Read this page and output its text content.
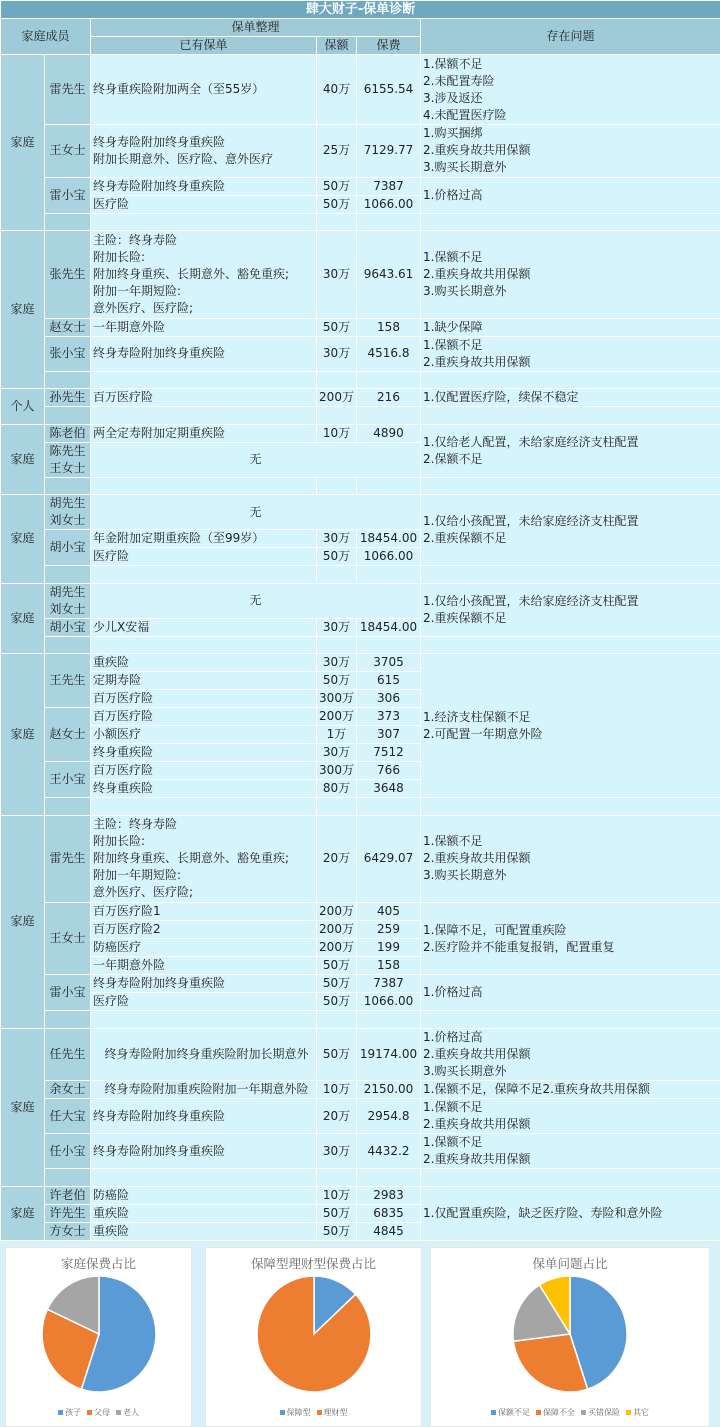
肆大财子-保单诊断					
家庭成员		保单整理			存在问题
		已有保单	保额	保费	
家庭	雷先生	终身重疾险附加两全（至55岁）	40万	6155.54	1.保额不足
2.未配置寿险
3.涉及返还
4.未配置医疗险

	王女士	终身寿险附加终身重疾险
附加长期意外、医疗险、意外医疗	25万	7129.77	1.购买捆绑
2.重疾身故共用保额
3.购买长期意外

	雷小宝	终身寿险附加终身重疾险	50万	7387	1.价格过高
		医疗险	50万	1066.00	

家庭	张先生	主险：终身寿险
附加长险:
附加终身重疾、长期意外、豁免重疾;
附加一年期短险:
意外医疗、医疗险;	30万	9643.61	1.保额不足
2.重疾身故共用保额
3.购买长期意外

	赵女士	一年期意外险	50万	158	1.缺少保障
	张小宝	终身寿险附加终身重疾险	30万	4516.8	1.保额不足
2.重疾身故共用保额

个人	孙先生	百万医疗险	200万	216	1.仅配置医疗险，续保不稳定

家庭	陈老伯	两全定寿附加定期重疾险	10万	4890	1.仅给老人配置，未给家庭经济支柱配置
2.保额不足
	陈先生
王女士	无			

家庭	胡先生
刘女士	无			1.仅给小孩配置，未给家庭经济支柱配置
2.重疾保额不足

	胡小宝	年金附加定期重疾险（至99岁）	30万	18454.00	
		医疗险	50万	1066.00	

家庭	胡先生
刘女士	无			1.仅给小孩配置，未给家庭经济支柱配置
2.重疾保额不足

	胡小宝	少儿X安福	30万	18454.00	

家庭	王先生	重疾险	30万	3705	1.经济支柱保额不足
2.可配置一年期意外险
		定期寿险	50万	615	
		百万医疗险	300万	306	
	赵女士	百万医疗险	200万	373	
		小额医疗	1万	307	
		终身重疾险	30万	7512	
	王小宝	百万医疗险	300万	766	
		终身重疾险	80万	3648	

家庭	雷先生	主险：终身寿险
附加长险:
附加终身重疾、长期意外、豁免重疾;
附加一年期短险:
意外医疗、医疗险;	20万	6429.07	1.保额不足
2.重疾身故共用保额
3.购买长期意外

	王女士	百万医疗险1	200万	405	1.保障不足，可配置重疾险
2.医疗险并不能重复报销，配置重复
		百万医疗险2	200万	259	
		防癌医疗	200万	199	
		一年期意外险	50万	158	
	雷小宝	终身寿险附加终身重疾险	50万	7387	1.价格过高
		医疗险	50万	1066.00	

家庭	任先生	终身寿险附加终身重疾险附加长期意外	50万	19174.00	1.价格过高
2.重疾身故共用保额
3.购买长期意外

	余女士	终身寿险附加重疾险附加一年期意外险	10万	2150.00	1.保额不足，保障不足2.重疾身故共用保额
	任大宝	终身寿险附加终身重疾险	20万	2954.8	1.保额不足
2.重疾身故共用保额

	任小宝	终身寿险附加终身重疾险	30万	4432.2	1.保额不足
2.重疾身故共用保额

家庭	许老伯	防癌险	10万	2983	1.仅配置重疾险，缺乏医疗险、寿险和意外险
	许先生	重疾险	50万	6835	
	方女士	重疾险	50万	4845	
家庭保费占比
孩子 父母 老人
保障型理财型保费占比
保障型 理财型
保单问题占比
保额不足 保障不全 买错保险 其它
